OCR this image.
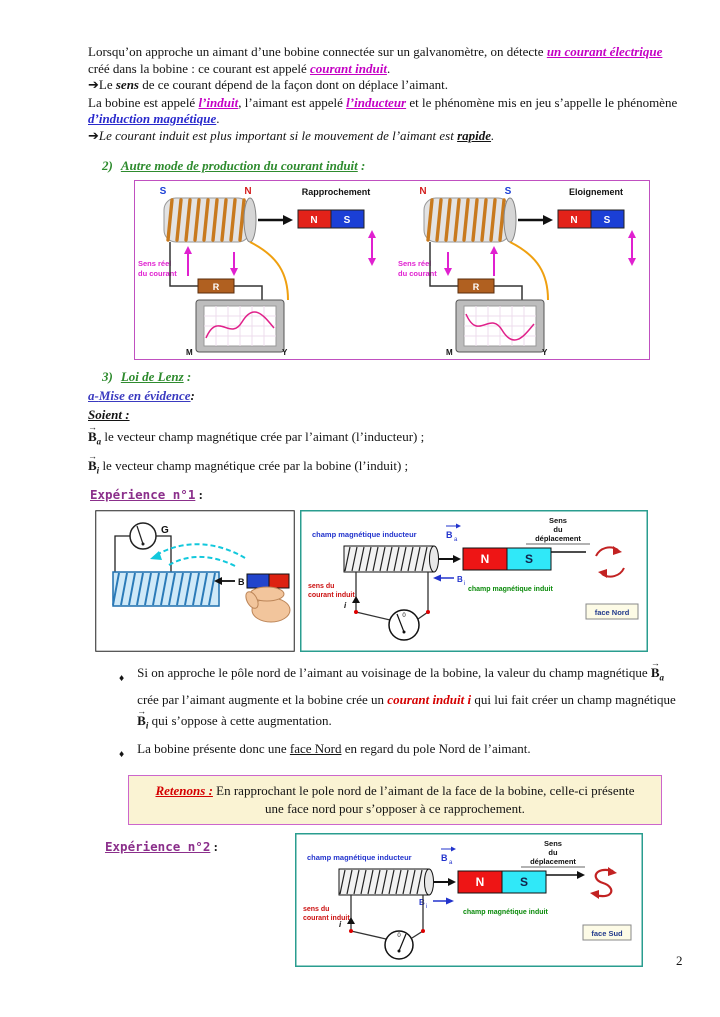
Lorsqu’on approche un aimant d’une bobine connectée sur un galvanomètre, on détecte un courant électrique créé dans la bobine : ce courant est appelé courant induit.

➔Le sens de ce courant dépend de la façon dont on déplace l’aimant.

La bobine est appelé l’induit, l’aimant est appelé l’inducteur et le phénomène mis en jeu s’appelle le phénomène d’induction magnétique.

➔Le courant induit est plus important si le mouvement de l’aimant est rapide.

2) Autre mode de production du courant induit :

S	N	Rapprochement
N	S
Sens réel
du courant
R
M	Y
N	S	Eloignement
N	S
Sens réel
du courant
R
M	Y

3) Loi de Lenz :

a-Mise en évidence:

Soient :

→ $B_a$ le vecteur champ magnétique crée par l’aimant (l’inducteur) ;

→ $B_i$ le vecteur champ magnétique crée par la bobine (l’induit) ;

Expérience n°1 :

G
B
Sens
du
déplacement
champ magnétique inducteur	B a
N	S
B i
champ magnétique induit
sens du
courant induit
i
0	face Nord
♦ Si on approche le pôle nord de l’aimant au voisinage de la bobine, la valeur du champ magnétique → $B_a$ crée par l’aimant augmente et la bobine crée un courant induit i qui lui fait créer un champ magnétique → $B_i$ qui s’oppose à cette augmentation.
♦ La bobine présente donc une face Nord en regard du pole Nord de l’aimant.
Retenons : En rapprochant le pole nord de l’aimant de la face de la bobine, celle-ci présente une face nord pour s’opposer à ce rapprochement.

Expérience n°2 :	Sens
du
déplacement
champ magnétique inducteur	B a
N	S
B i
champ magnétique induit
sens du
courant induit
i
0	face Sud
2
